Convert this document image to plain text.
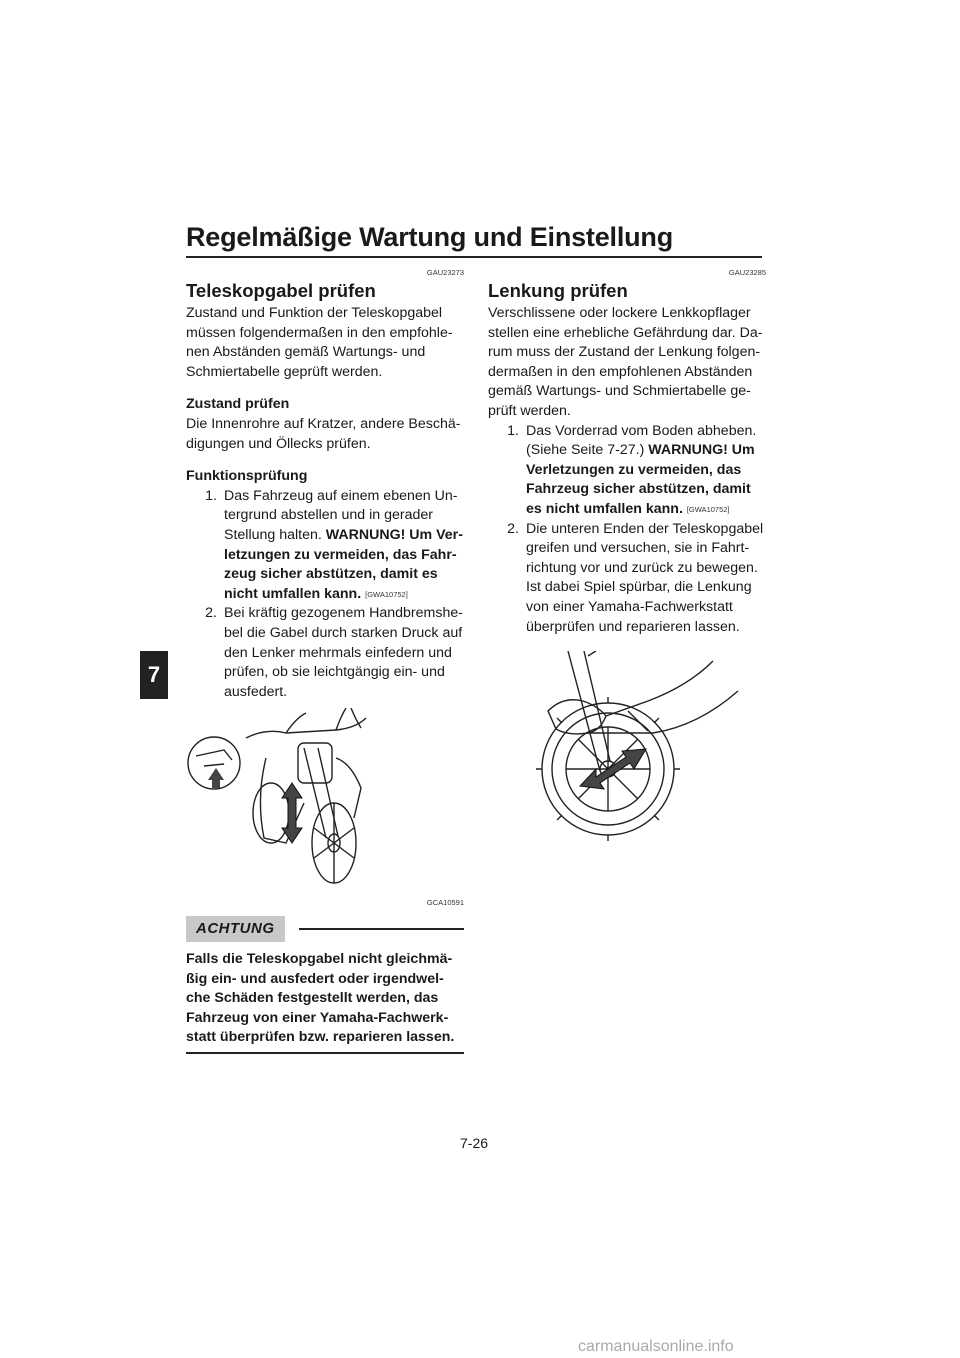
Regelmäßige Wartung und Einstellung
7
GAU23273
Teleskopgabel prüfen

Zustand und Funktion der Teleskopgabel müssen folgendermaßen in den empfohle- nen Abständen gemäß Wartungs- und Schmiertabelle geprüft werden.

Zustand prüfen

Die Innenrohre auf Kratzer, andere Beschä- digungen und Öllecks prüfen.

Funktionsprüfung

1. Das Fahrzeug auf einem ebenen Un- tergrund abstellen und in gerader Stellung halten. WARNUNG! Um Ver- letzungen zu vermeiden, das Fahr- zeug sicher abstützen, damit es nicht umfallen kann. [GWA10752]
2. Bei kräftig gezogenem Handbremshe- bel die Gabel durch starken Druck auf den Lenker mehrmals einfedern und prüfen, ob sie leichtgängig ein- und ausfedert.
GCA10591
ACHTUNG

Falls die Teleskopgabel nicht gleichmä- ßig ein- und ausfedert oder irgendwel- che Schäden festgestellt werden, das Fahrzeug von einer Yamaha-Fachwerk- statt überprüfen bzw. reparieren lassen.

GAU23285
Lenkung prüfen

Verschlissene oder lockere Lenkkopflager stellen eine erhebliche Gefährdung dar. Da- rum muss der Zustand der Lenkung folgen- dermaßen in den empfohlenen Abständen gemäß Wartungs- und Schmiertabelle ge- prüft werden.

1. Das Vorderrad vom Boden abheben. (Siehe Seite 7-27.) WARNUNG! Um Verletzungen zu vermeiden, das Fahrzeug sicher abstützen, damit es nicht umfallen kann. [GWA10752]
2. Die unteren Enden der Teleskopgabel greifen und versuchen, sie in Fahrt- richtung vor und zurück zu bewegen. Ist dabei Spiel spürbar, die Lenkung von einer Yamaha-Fachwerkstatt überprüfen und reparieren lassen.
7-26
carmanualsonline.info
